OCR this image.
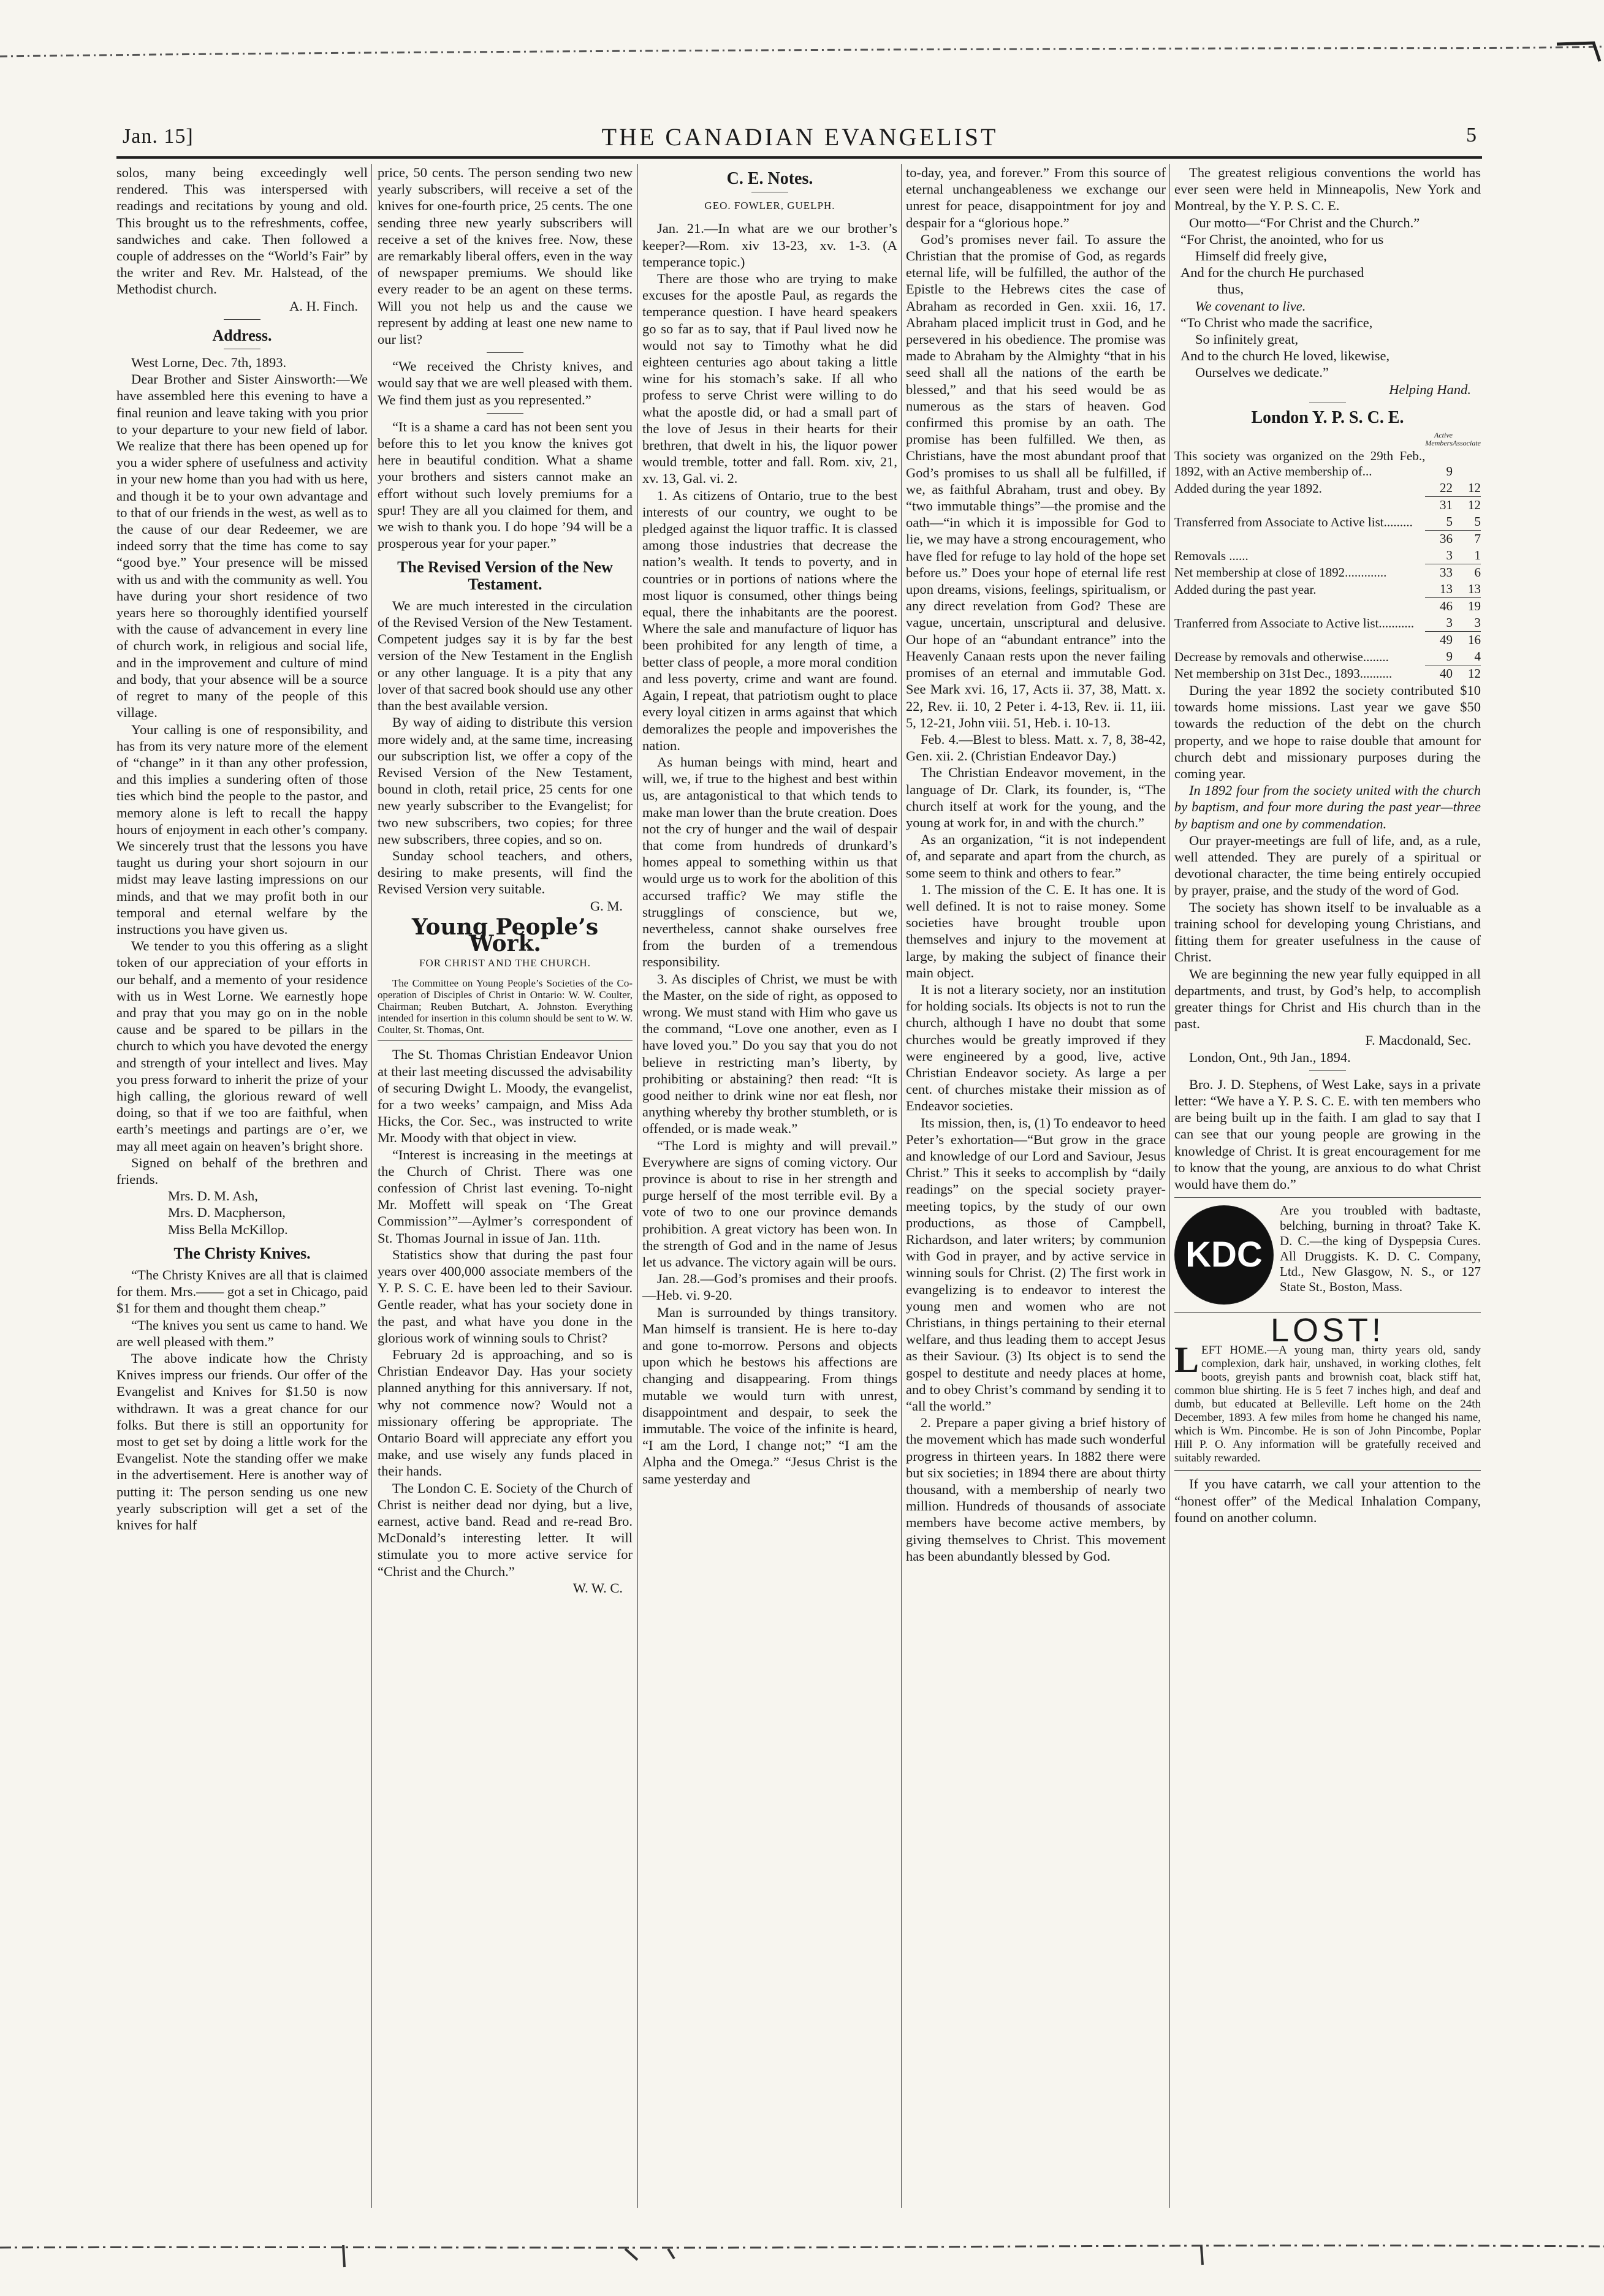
Jan. 15]	THE CANADIAN EVANGELIST	5

solos, many being exceedingly well rendered. This was interspersed with readings and recitations by young and old. This brought us to the refreshments, coffee, sandwiches and cake. Then followed a couple of addresses on the “World’s Fair” by the writer and Rev. Mr. Halstead, of the Methodist church.

A. H. Finch.

Address.

West Lorne, Dec. 7th, 1893.

Dear Brother and Sister Ainsworth:—We have assembled here this evening to have a final reunion and leave taking with you prior to your departure to your new field of labor. We realize that there has been opened up for you a wider sphere of usefulness and activity in your new home than you had with us here, and though it be to your own advantage and to that of our friends in the west, as well as to the cause of our dear Redeemer, we are indeed sorry that the time has come to say “good bye.” Your presence will be missed with us and with the community as well. You have during your short residence of two years here so thoroughly identified yourself with the cause of advancement in every line of church work, in religious and social life, and in the improvement and culture of mind and body, that your absence will be a source of regret to many of the people of this village.

Your calling is one of responsibility, and has from its very nature more of the element of “change” in it than any other profession, and this implies a sundering often of those ties which bind the people to the pastor, and memory alone is left to recall the happy hours of enjoyment in each other’s company. We sincerely trust that the lessons you have taught us during your short sojourn in our midst may leave lasting impressions on our minds, and that we may profit both in our temporal and eternal welfare by the instructions you have given us.

We tender to you this offering as a slight token of our appreciation of your efforts in our behalf, and a memento of your residence with us in West Lorne. We earnestly hope and pray that you may go on in the noble cause and be spared to be pillars in the church to which you have devoted the energy and strength of your intellect and lives. May you press forward to inherit the prize of your high calling, the glorious reward of well doing, so that if we too are faithful, when earth’s meetings and partings are o’er, we may all meet again on heaven’s bright shore.

Signed on behalf of the brethren and friends.

Mrs. D. M. Ash,

Mrs. D. Macpherson,

Miss Bella McKillop.

The Christy Knives.

“The Christy Knives are all that is claimed for them. Mrs.—— got a set in Chicago, paid $1 for them and thought them cheap.”

“The knives you sent us came to hand. We are well pleased with them.”

The above indicate how the Christy Knives impress our friends. Our offer of the Evangelist and Knives for $1.50 is now withdrawn. It was a great chance for our folks. But there is still an opportunity for most to get set by doing a little work for the Evangelist. Note the standing offer we make in the advertisement. Here is another way of putting it: The person sending us one new yearly subscription will get a set of the knives for half

price, 50 cents. The person sending two new yearly subscribers, will receive a set of the knives for one-fourth price, 25 cents. The one sending three new yearly subscribers will receive a set of the knives free. Now, these are remarkably liberal offers, even in the way of newspaper premiums. We should like every reader to be an agent on these terms. Will you not help us and the cause we represent by adding at least one new name to our list?

“We received the Christy knives, and would say that we are well pleased with them. We find them just as you represented.”

“It is a shame a card has not been sent you before this to let you know the knives got here in beautiful condition. What a shame your brothers and sisters cannot make an effort without such lovely premiums for a spur! They are all you claimed for them, and we wish to thank you. I do hope ’94 will be a prosperous year for your paper.”

The Revised Version of the New Testament.

We are much interested in the circulation of the Revised Version of the New Testament. Competent judges say it is by far the best version of the New Testament in the English or any other language. It is a pity that any lover of that sacred book should use any other than the best available version.

By way of aiding to distribute this version more widely and, at the same time, increasing our subscription list, we offer a copy of the Revised Version of the New Testament, bound in cloth, retail price, 25 cents for one new yearly subscriber to the Evangelist; for two new subscribers, two copies; for three new subscribers, three copies, and so on.

Sunday school teachers, and others, desiring to make presents, will find the Revised Version very suitable.

G. M.

Young People’s Work.
FOR CHRIST AND THE CHURCH.

The Committee on Young People’s Societies of the Co-operation of Disciples of Christ in Ontario: W. W. Coulter, Chairman; Reuben Butchart, A. Johnston. Everything intended for insertion in this column should be sent to W. W. Coulter, St. Thomas, Ont.

The St. Thomas Christian Endeavor Union at their last meeting discussed the advisability of securing Dwight L. Moody, the evangelist, for a two weeks’ campaign, and Miss Ada Hicks, the Cor. Sec., was instructed to write Mr. Moody with that object in view.

“Interest is increasing in the meetings at the Church of Christ. There was one confession of Christ last evening. To-night Mr. Moffett will speak on ‘The Great Commission’”—Aylmer’s correspondent of St. Thomas Journal in issue of Jan. 11th.

Statistics show that during the past four years over 400,000 associate members of the Y. P. S. C. E. have been led to their Saviour. Gentle reader, what has your society done in the past, and what have you done in the glorious work of winning souls to Christ?

February 2d is approaching, and so is Christian Endeavor Day. Has your society planned anything for this anniversary. If not, why not commence now? Would not a missionary offering be appropriate. The Ontario Board will appreciate any effort you make, and use wisely any funds placed in their hands.

The London C. E. Society of the Church of Christ is neither dead nor dying, but a live, earnest, active band. Read and re-read Bro. McDonald’s interesting letter. It will stimulate you to more active service for “Christ and the Church.”

W. W. C.

C. E. Notes.
GEO. FOWLER, GUELPH.

Jan. 21.—In what are we our brother’s keeper?—Rom. xiv 13-23, xv. 1-3. (A temperance topic.)

There are those who are trying to make excuses for the apostle Paul, as regards the temperance question. I have heard speakers go so far as to say, that if Paul lived now he would not say to Timothy what he did eighteen centuries ago about taking a little wine for his stomach’s sake. If all who profess to serve Christ were willing to do what the apostle did, or had a small part of the love of Jesus in their hearts for their brethren, that dwelt in his, the liquor power would tremble, totter and fall. Rom. xiv, 21, xv. 13, Gal. vi. 2.

1. As citizens of Ontario, true to the best interests of our country, we ought to be pledged against the liquor traffic. It is classed among those industries that decrease the nation’s wealth. It tends to poverty, and in countries or in portions of nations where the most liquor is consumed, other things being equal, there the inhabitants are the poorest. Where the sale and manufacture of liquor has been prohibited for any length of time, a better class of people, a more moral condition and less poverty, crime and want are found. Again, I repeat, that patriotism ought to place every loyal citizen in arms against that which demoralizes the people and impoverishes the nation.

As human beings with mind, heart and will, we, if true to the highest and best within us, are antagonistical to that which tends to make man lower than the brute creation. Does not the cry of hunger and the wail of despair that come from hundreds of drunkard’s homes appeal to something within us that would urge us to work for the abolition of this accursed traffic? We may stifle the strugglings of conscience, but we, nevertheless, cannot shake ourselves free from the burden of a tremendous responsibility.

3. As disciples of Christ, we must be with the Master, on the side of right, as opposed to wrong. We must stand with Him who gave us the command, “Love one another, even as I have loved you.” Do you say that you do not believe in restricting man’s liberty, by prohibiting or abstaining? then read: “It is good neither to drink wine nor eat flesh, nor anything whereby thy brother stumbleth, or is offended, or is made weak.”

“The Lord is mighty and will prevail.” Everywhere are signs of coming victory. Our province is about to rise in her strength and purge herself of the most terrible evil. By a vote of two to one our province demands prohibition. A great victory has been won. In the strength of God and in the name of Jesus let us advance. The victory again will be ours.

Jan. 28.—God’s promises and their proofs.—Heb. vi. 9-20.

Man is surrounded by things transitory. Man himself is transient. He is here to-day and gone to-morrow. Persons and objects upon which he bestows his affections are changing and disappearing. From things mutable we would turn with unrest, disappointment and despair, to seek the immutable. The voice of the infinite is heard, “I am the Lord, I change not;” “I am the Alpha and the Omega.” “Jesus Christ is the same yesterday and

to-day, yea, and forever.” From this source of eternal unchangeableness we exchange our unrest for peace, disappointment for joy and despair for a “glorious hope.”

God’s promises never fail. To assure the Christian that the promise of God, as regards eternal life, will be fulfilled, the author of the Epistle to the Hebrews cites the case of Abraham as recorded in Gen. xxii. 16, 17. Abraham placed implicit trust in God, and he persevered in his obedience. The promise was made to Abraham by the Almighty “that in his seed shall all the nations of the earth be blessed,” and that his seed would be as numerous as the stars of heaven. God confirmed this promise by an oath. The promise has been fulfilled. We then, as Christians, have the most abundant proof that God’s promises to us shall all be fulfilled, if we, as faithful Abraham, trust and obey. By “two immutable things”—the promise and the oath—“in which it is impossible for God to lie, we may have a strong encouragement, who have fled for refuge to lay hold of the hope set before us.” Does your hope of eternal life rest upon dreams, visions, feelings, spiritualism, or any direct revelation from God? These are vague, uncertain, unscriptural and delusive. Our hope of an “abundant entrance” into the Heavenly Canaan rests upon the never failing promises of an eternal and immutable God. See Mark xvi. 16, 17, Acts ii. 37, 38, Matt. x. 22, Rev. ii. 10, 2 Peter i. 4-13, Rev. ii. 11, iii. 5, 12-21, John viii. 51, Heb. i. 10-13.

Feb. 4.—Blest to bless. Matt. x. 7, 8, 38-42, Gen. xii. 2. (Christian Endeavor Day.)

The Christian Endeavor movement, in the language of Dr. Clark, its founder, is, “The church itself at work for the young, and the young at work for, in and with the church.”

As an organization, “it is not independent of, and separate and apart from the church, as some seem to think and others to fear.”

1. The mission of the C. E. It has one. It is well defined. It is not to raise money. Some societies have brought trouble upon themselves and injury to the movement at large, by making the subject of finance their main object.

It is not a literary society, nor an institution for holding socials. Its objects is not to run the church, although I have no doubt that some churches would be greatly improved if they were engineered by a good, live, active Christian Endeavor society. As large a per cent. of churches mistake their mission as of Endeavor societies.

Its mission, then, is, (1) To endeavor to heed Peter’s exhortation—“But grow in the grace and knowledge of our Lord and Saviour, Jesus Christ.” This it seeks to accomplish by “daily readings” on the special society prayer-meeting topics, by the study of our own productions, as those of Campbell, Richardson, and later writers; by communion with God in prayer, and by active service in winning souls for Christ. (2) The first work in evangelizing is to endeavor to interest the young men and women who are not Christians, in things pertaining to their eternal welfare, and thus leading them to accept Jesus as their Saviour. (3) Its object is to send the gospel to destitute and needy places at home, and to obey Christ’s command by sending it to “all the world.”

2. Prepare a paper giving a brief history of the movement which has made such wonderful progress in thirteen years. In 1882 there were but six societies; in 1894 there are about thirty thousand, with a membership of nearly two million. Hundreds of thousands of associate members have become active members, by giving themselves to Christ. This movement has been abundantly blessed by God.

The greatest religious conventions the world has ever seen were held in Minneapolis, New York and Montreal, by the Y. P. S. C. E.

Our motto—“For Christ and the Church.”

“For Christ, the anointed, who for us
Himself did freely give,
And for the church He purchased
thus,
We covenant to live.
“To Christ who made the sacrifice,
So infinitely great,
And to the church He loved, likewise,
Ourselves we dedicate.”

Helping Hand.

London Y. P. S. C. E.
	Active Members	Associate
This society was organized on the 29th Feb., 1892, with an Active membership of...	9	
Added during the year 1892.	22	12
	31	12
Transferred from Associate to Active list.........	5	5
	36	7
Removals ......	3	1
Net membership at close of 1892.............	33	6
Added during the past year.	13	13
	46	19
Tranferred from Associate to Active list...........	3	3
	49	16
Decrease by removals and otherwise........	9	4
Net membership on 31st Dec., 1893..........	40	12

During the year 1892 the society contributed $10 towards home missions. Last year we gave $50 towards the reduction of the debt on the church property, and we hope to raise double that amount for church debt and missionary purposes during the coming year.

In 1892 four from the society united with the church by baptism, and four more during the past year—three by baptism and one by commendation.

Our prayer-meetings are full of life, and, as a rule, well attended. They are purely of a spiritual or devotional character, the time being entirely occupied by prayer, praise, and the study of the word of God.

The society has shown itself to be invaluable as a training school for developing young Christians, and fitting them for greater usefulness in the cause of Christ.

We are beginning the new year fully equipped in all departments, and trust, by God’s help, to accomplish greater things for Christ and His church than in the past.

F. Macdonald, Sec.

London, Ont., 9th Jan., 1894.

Bro. J. D. Stephens, of West Lake, says in a private letter: “We have a Y. P. S. C. E. with ten members who are being built up in the faith. I am glad to say that I can see that our young people are growing in the knowledge of Christ. It is great encouragement for me to know that the young, are anxious to do what Christ would have them do.”

KDC
Are you troubled with badtaste, belching, burning in throat? Take K. D. C.—the king of Dyspepsia Cures. All Druggists. K. D. C. Company, Ltd., New Glasgow, N. S., or 127 State St., Boston, Mass.
LOST!
LEFT HOME.—A young man, thirty years old, sandy complexion, dark hair, unshaved, in working clothes, felt boots, greyish pants and brownish coat, black stiff hat, common blue shirting. He is 5 feet 7 inches high, and deaf and dumb, but educated at Belleville. Left home on the 24th December, 1893. A few miles from home he changed his name, which is Wm. Pincombe. He is son of John Pincombe, Poplar Hill P. O. Any information will be gratefully received and suitably rewarded.

If you have catarrh, we call your attention to the “honest offer” of the Medical Inhalation Company, found on another column.
